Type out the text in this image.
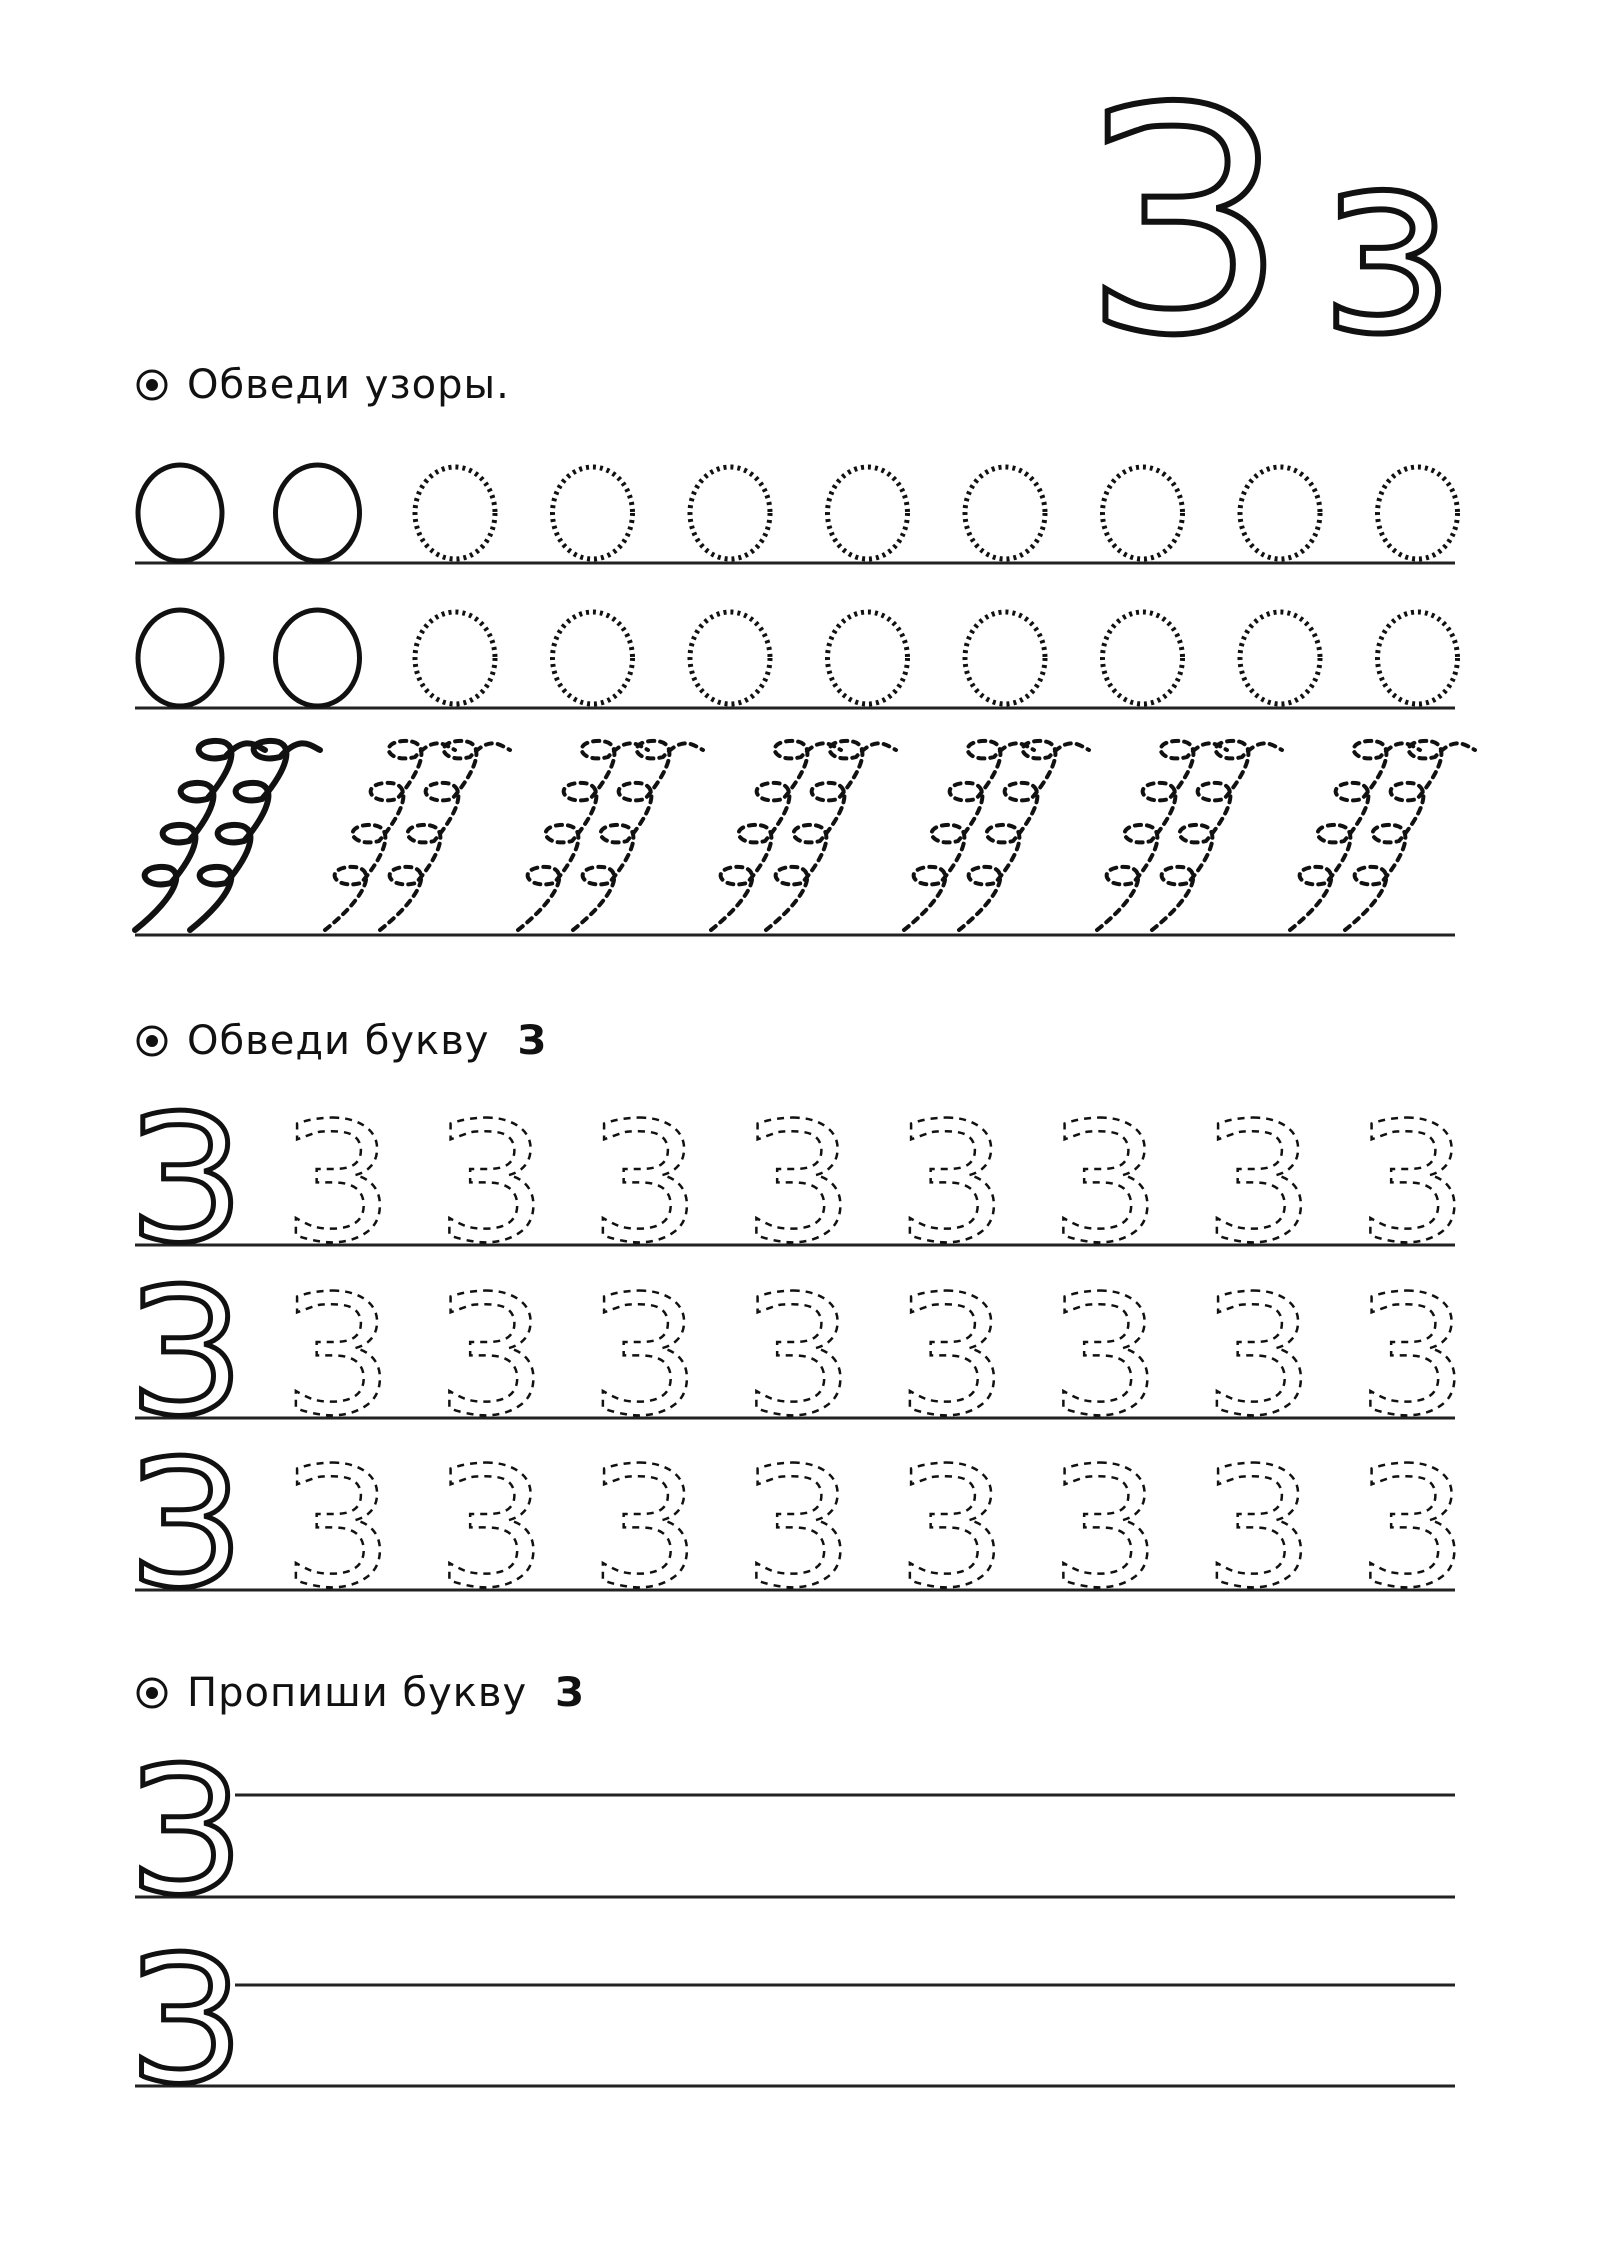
З з
З З З З З З З З З
З З З З З З З З З
З З З З З З З З З
З
З
Обведи узоры.
Обведи букву З
Пропиши букву З
